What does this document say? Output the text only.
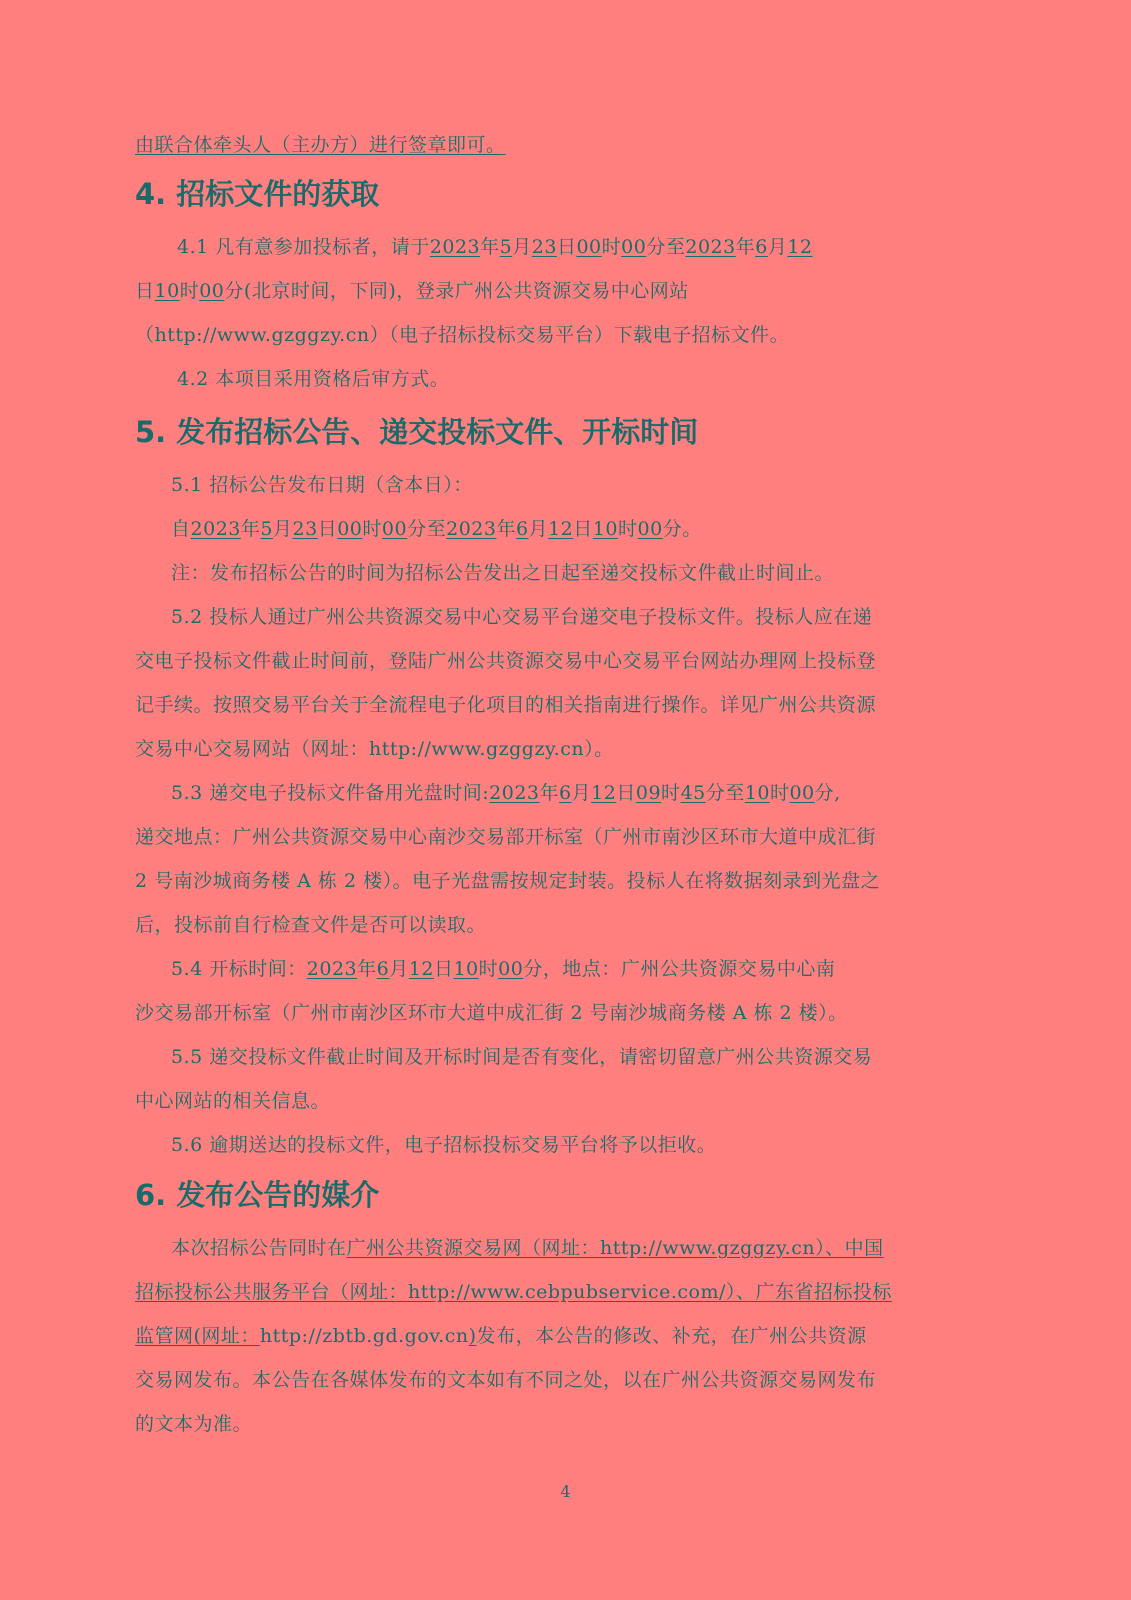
由联合体牵头人（主办方）进行签章即可。
4. 招标文件的获取
4.1 凡有意参加投标者，请于2023年5月23日00时00分至2023年6月12
日10时00分(北京时间，下同)，登录广州公共资源交易中心网站
（http://www.gzggzy.cn）（电子招标投标交易平台）下载电子招标文件。
4.2 本项目采用资格后审方式。
5. 发布招标公告、递交投标文件、开标时间
5.1 招标公告发布日期（含本日）：
自2023年5月23日00时00分至2023年6月12日10时00分。
注：发布招标公告的时间为招标公告发出之日起至递交投标文件截止时间止。
5.2 投标人通过广州公共资源交易中心交易平台递交电子投标文件。投标人应在递
交电子投标文件截止时间前，登陆广州公共资源交易中心交易平台网站办理网上投标登
记手续。按照交易平台关于全流程电子化项目的相关指南进行操作。详见广州公共资源
交易中心交易网站（网址：http://www.gzggzy.cn）。
5.3 递交电子投标文件备用光盘时间:2023年6月12日09时45分至10时00分,
递交地点：广州公共资源交易中心南沙交易部开标室（广州市南沙区环市大道中成汇街
2 号南沙城商务楼 A 栋 2 楼）。电子光盘需按规定封装。投标人在将数据刻录到光盘之
后，投标前自行检查文件是否可以读取。
5.4 开标时间：2023年6月12日10时00分，地点：广州公共资源交易中心南
沙交易部开标室（广州市南沙区环市大道中成汇街 2 号南沙城商务楼 A 栋 2 楼）。
5.5 递交投标文件截止时间及开标时间是否有变化，请密切留意广州公共资源交易
中心网站的相关信息。
5.6 逾期送达的投标文件，电子招标投标交易平台将予以拒收。
6. 发布公告的媒介
本次招标公告同时在广州公共资源交易网（网址：http://www.gzggzy.cn）、中国
招标投标公共服务平台（网址：http://www.cebpubservice.com/）、广东省招标投标
监管网(网址：http://zbtb.gd.gov.cn)发布，本公告的修改、补充，在广州公共资源
交易网发布。本公告在各媒体发布的文本如有不同之处，以在广州公共资源交易网发布
的文本为准。
4
